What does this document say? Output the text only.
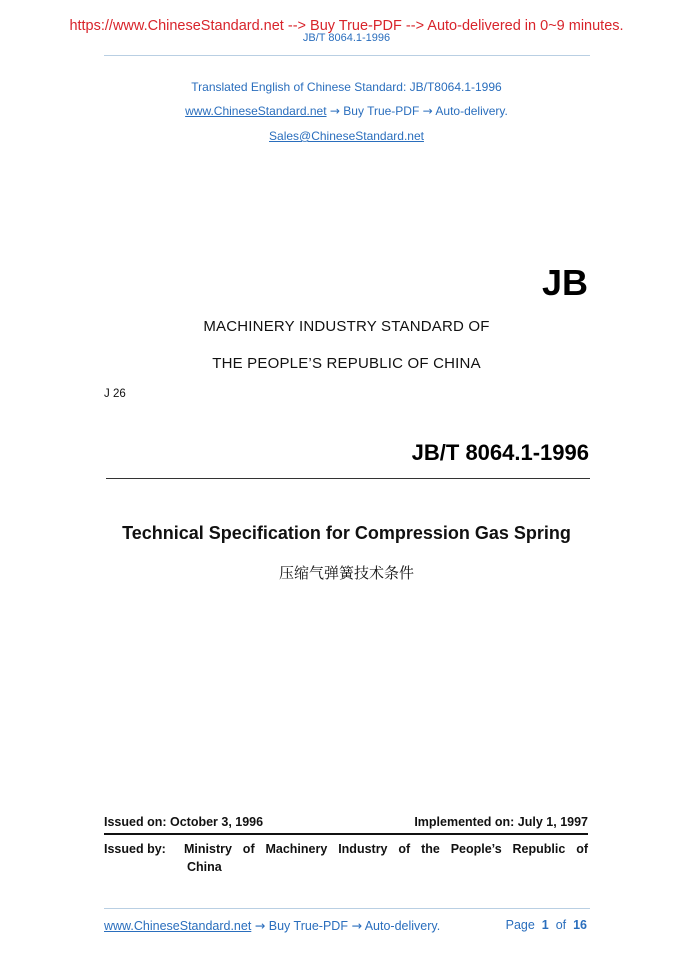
https://www.ChineseStandard.net --> Buy True-PDF --> Auto-delivered in 0~9 minutes.
JB/T 8064.1-1996
Translated English of Chinese Standard: JB/T8064.1-1996
www.ChineseStandard.net → Buy True-PDF → Auto-delivery.
Sales@ChineseStandard.net
JB
MACHINERY INDUSTRY STANDARD OF
THE PEOPLE’S REPUBLIC OF CHINA
J 26
JB/T 8064.1-1996
Technical Specification for Compression Gas Spring
压缩气弹簧技术条件
Issued on: October 3, 1996	Implemented on: July 1, 1997
Issued by: Ministry of Machinery Industry of the People’s Republic of
China
www.ChineseStandard.net → Buy True-PDF → Auto-delivery.	Page 1 of 16
